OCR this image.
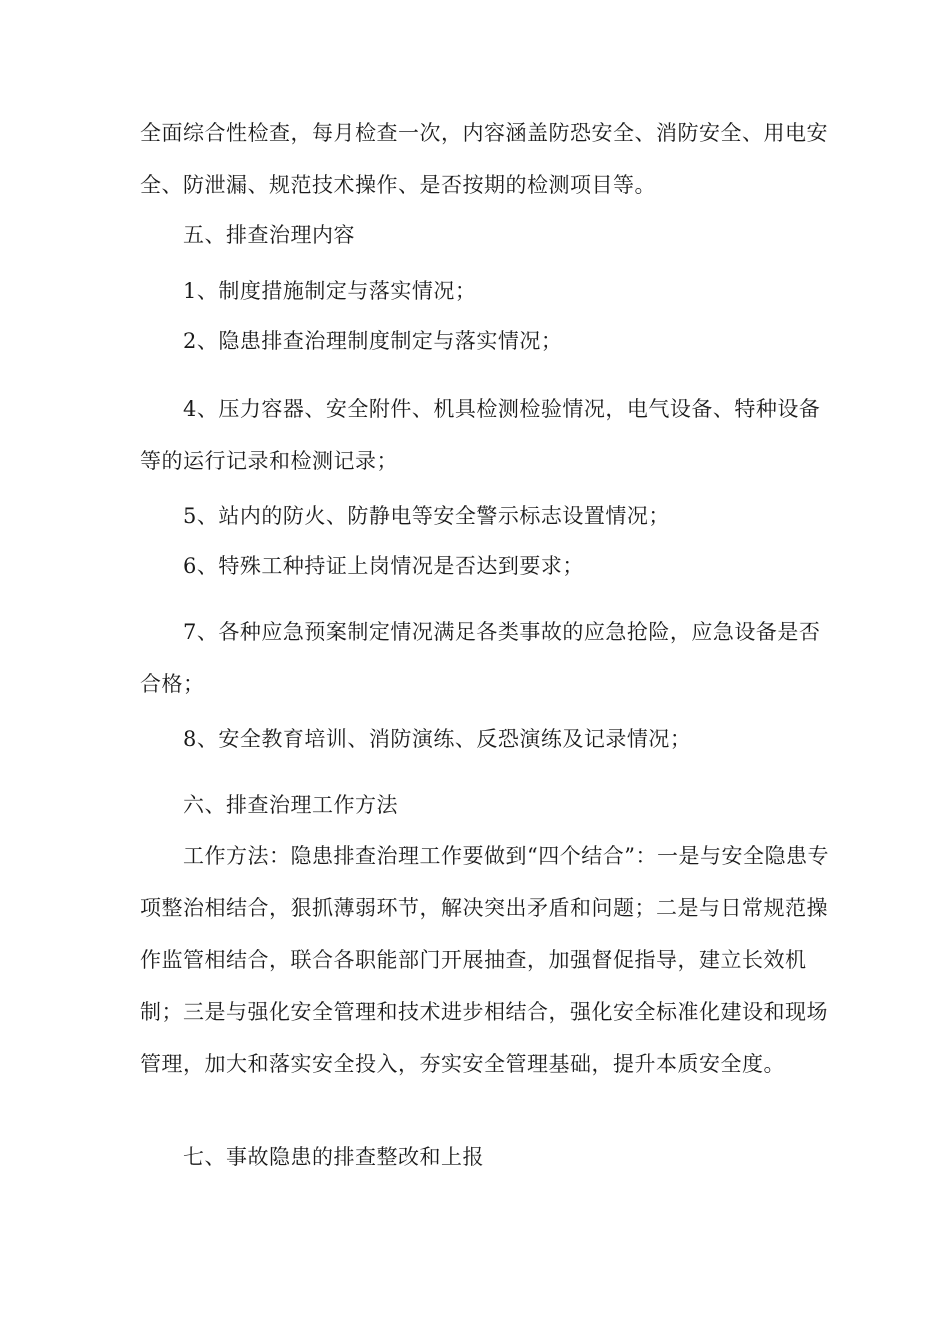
全面综合性检查，每月检查一次，内容涵盖防恐安全、消防安全、用电安全、防泄漏、规范技术操作、是否按期的检测项目等。

五、排查治理内容

1、制度措施制定与落实情况；

2、隐患排查治理制度制定与落实情况；

4、压力容器、安全附件、机具检测检验情况，电气设备、特种设备等的运行记录和检测记录；

5、站内的防火、防静电等安全警示标志设置情况；

6、特殊工种持证上岗情况是否达到要求；

7、各种应急预案制定情况满足各类事故的应急抢险，应急设备是否合格；

8、安全教育培训、消防演练、反恐演练及记录情况；

六、排查治理工作方法

工作方法：隐患排查治理工作要做到“四个结合”：一是与安全隐患专项整治相结合，狠抓薄弱环节，解决突出矛盾和问题；二是与日常规范操作监管相结合，联合各职能部门开展抽查，加强督促指导，建立长效机制；三是与强化安全管理和技术进步相结合，强化安全标准化建设和现场管理，加大和落实安全投入，夯实安全管理基础，提升本质安全度。

七、事故隐患的排查整改和上报
